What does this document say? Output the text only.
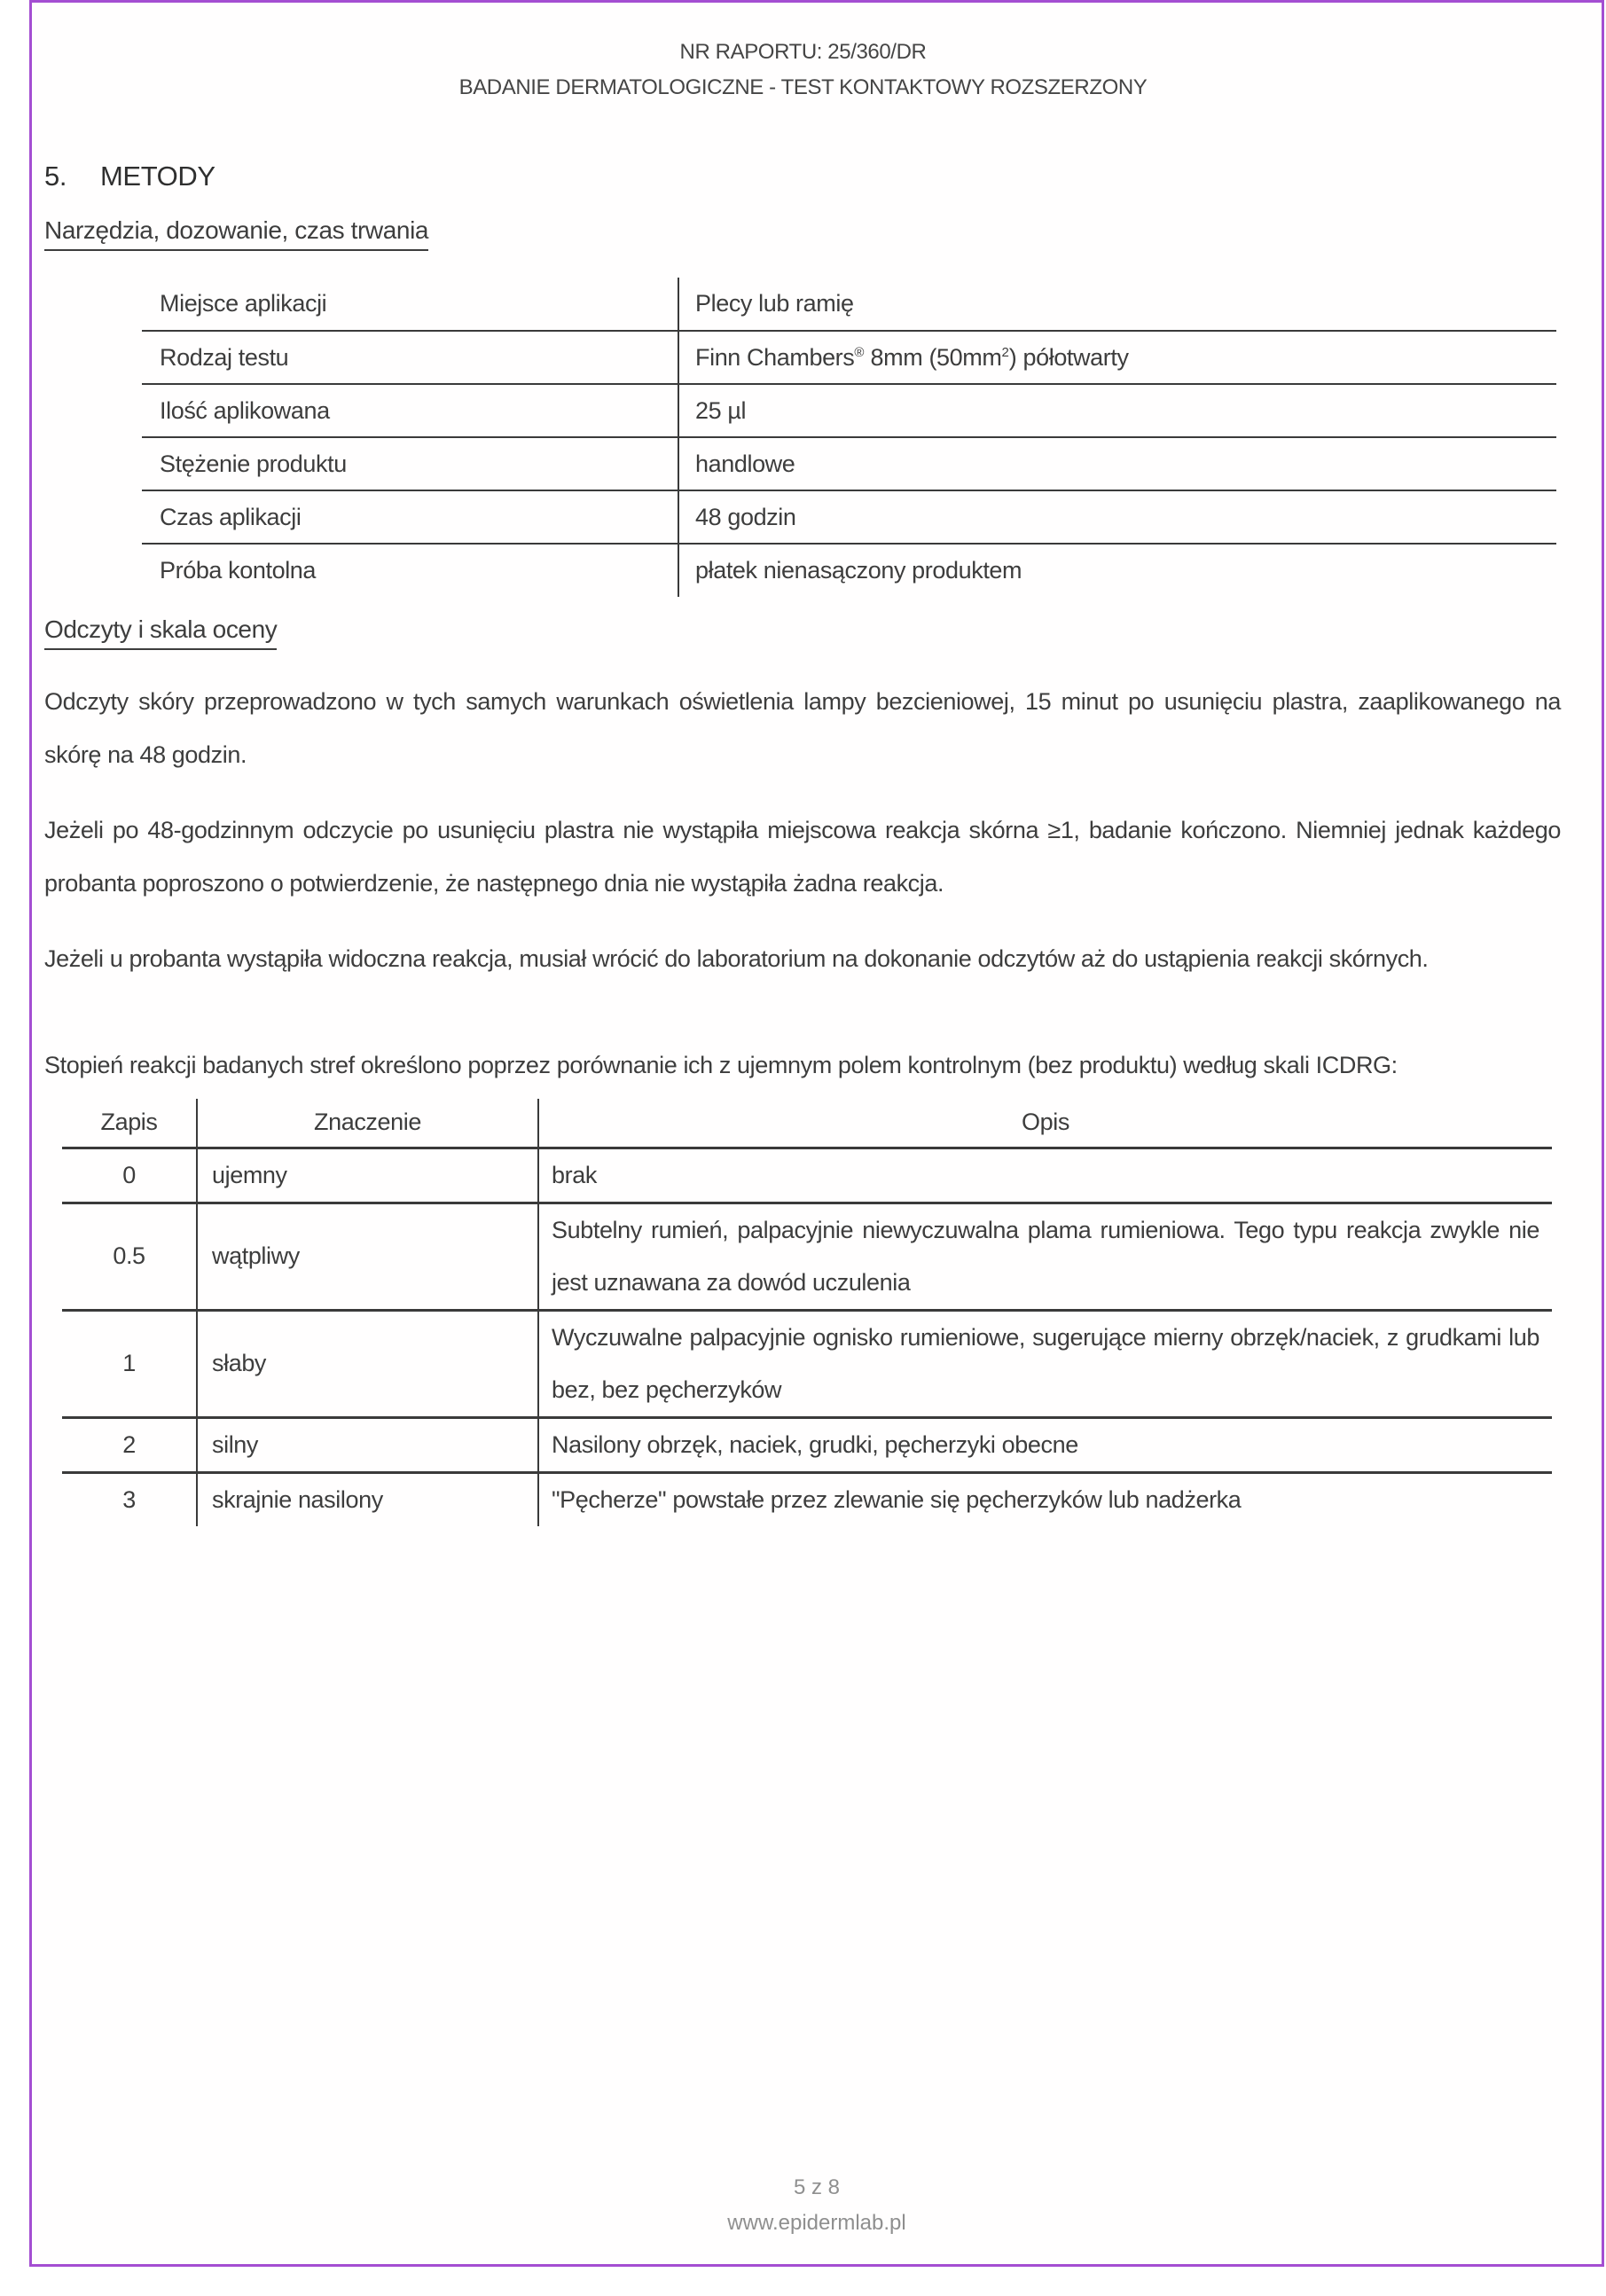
NR RAPORTU: 25/360/DR
BADANIE DERMATOLOGICZNE - TEST KONTAKTOWY ROZSZERZONY
5.	METODY
Narzędzia, dozowanie, czas trwania
Miejsce aplikacji	Plecy lub ramię
Rodzaj testu	Finn Chambers® 8mm $(50mm^2)$ półotwarty
Ilość aplikowana	25 µl
Stężenie produktu	handlowe
Czas aplikacji	48 godzin
Próba kontolna	płatek nienasączony produktem
Odczyty i skala oceny

Odczyty skóry przeprowadzono w tych samych warunkach oświetlenia lampy bezcieniowej, 15 minut po usunięciu plastra, zaaplikowanego na skórę na 48 godzin.

Jeżeli po 48-godzinnym odczycie po usunięciu plastra nie wystąpiła miejscowa reakcja skórna ≥1, badanie kończono. Niemniej jednak każdego probanta poproszono o potwierdzenie, że następnego dnia nie wystąpiła żadna reakcja.

Jeżeli u probanta wystąpiła widoczna reakcja, musiał wrócić do laboratorium na dokonanie odczytów aż do ustąpienia reakcji skórnych.

Stopień reakcji badanych stref określono poprzez porównanie ich z ujemnym polem kontrolnym (bez produktu) według skali ICDRG:

Zapis	Znaczenie	Opis
0	ujemny	brak
0.5	wątpliwy	Subtelny rumień, palpacyjnie niewyczuwalna plama rumieniowa. Tego typu reakcja zwykle nie jest uznawana za dowód uczulenia
1	słaby	Wyczuwalne palpacyjnie ognisko rumieniowe, sugerujące mierny obrzęk/naciek, z grudkami lub bez, bez pęcherzyków
2	silny	Nasilony obrzęk, naciek, grudki, pęcherzyki obecne
3	skrajnie nasilony	"Pęcherze" powstałe przez zlewanie się pęcherzyków lub nadżerka
5 z 8
www.epidermlab.pl
